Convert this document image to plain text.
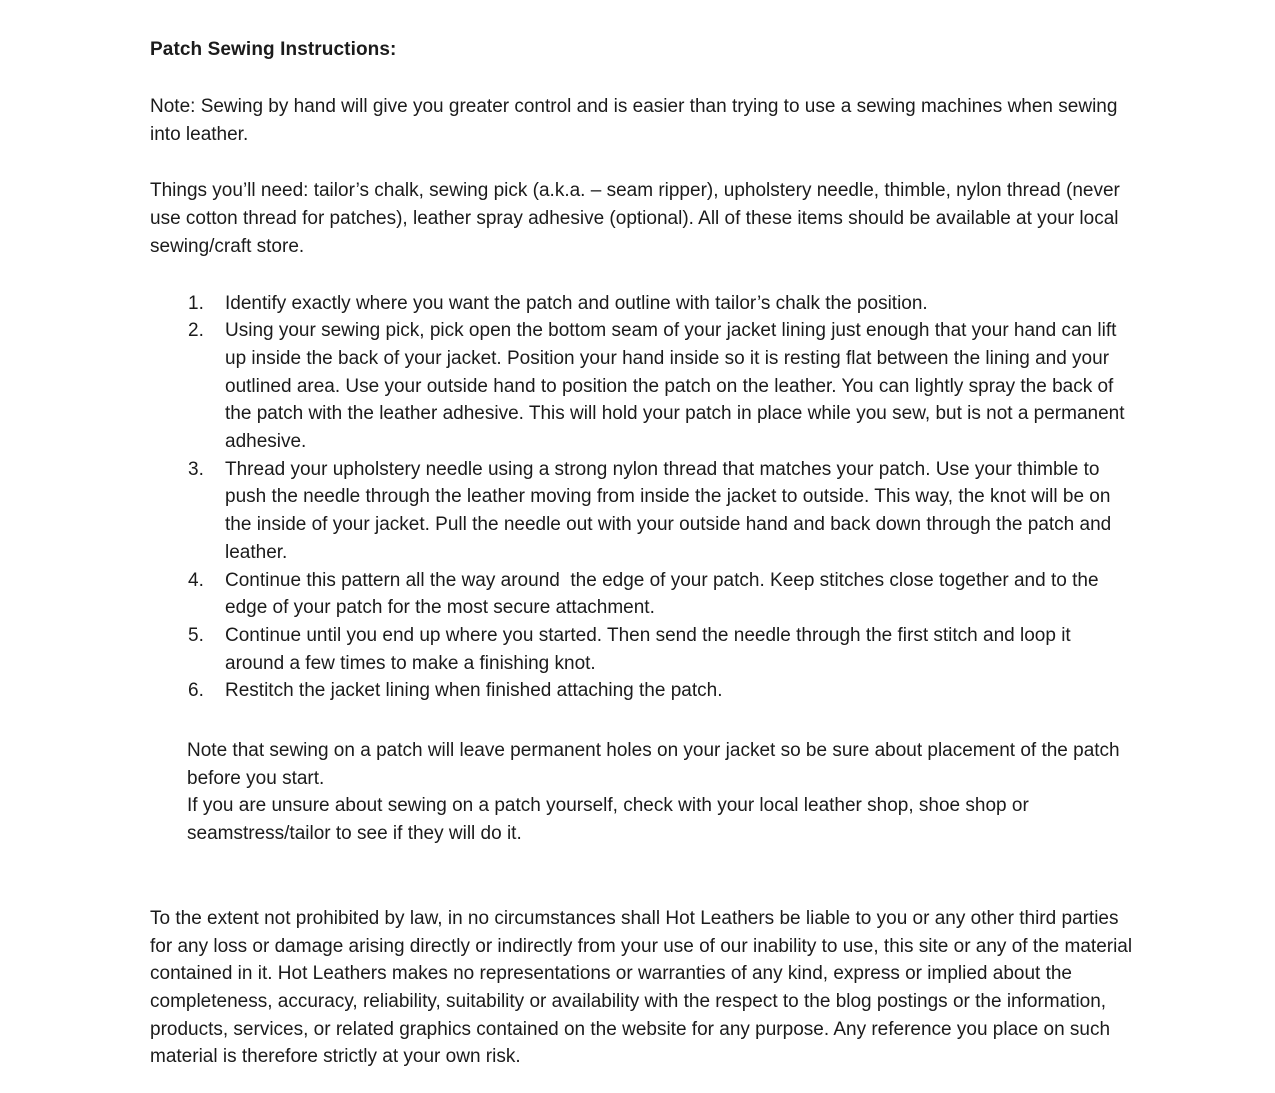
Patch Sewing Instructions:

Note: Sewing by hand will give you greater control and is easier than trying to use a sewing machines when sewing into leather.

Things you’ll need: tailor’s chalk, sewing pick (a.k.a. – seam ripper), upholstery needle, thimble, nylon thread (never use cotton thread for patches), leather spray adhesive (optional). All of these items should be available at your local sewing/craft store.

1.	Identify exactly where you want the patch and outline with tailor’s chalk the position.
2.	Using your sewing pick, pick open the bottom seam of your jacket lining just enough that your hand can lift up inside the back of your jacket. Position your hand inside so it is resting flat between the lining and your outlined area. Use your outside hand to position the patch on the leather. You can lightly spray the back of the patch with the leather adhesive. This will hold your patch in place while you sew, but is not a permanent adhesive.
3.	Thread your upholstery needle using a strong nylon thread that matches your patch. Use your thimble to push the needle through the leather moving from inside the jacket to outside. This way, the knot will be on the inside of your jacket. Pull the needle out with your outside hand and back down through the patch and leather.
4.	Continue this pattern all the way around  the edge of your patch. Keep stitches close together and to the edge of your patch for the most secure attachment.
5.	Continue until you end up where you started. Then send the needle through the first stitch and loop it around a few times to make a finishing knot.
6.	Restitch the jacket lining when finished attaching the patch.

Note that sewing on a patch will leave permanent holes on your jacket so be sure about placement of the patch before you start.

If you are unsure about sewing on a patch yourself, check with your local leather shop, shoe shop or seamstress/tailor to see if they will do it.

To the extent not prohibited by law, in no circumstances shall Hot Leathers be liable to you or any other third parties for any loss or damage arising directly or indirectly from your use of our inability to use, this site or any of the material contained in it. Hot Leathers makes no representations or warranties of any kind, express or implied about the completeness, accuracy, reliability, suitability or availability with the respect to the blog postings or the information, products, services, or related graphics contained on the website for any purpose. Any reference you place on such material is therefore strictly at your own risk.
